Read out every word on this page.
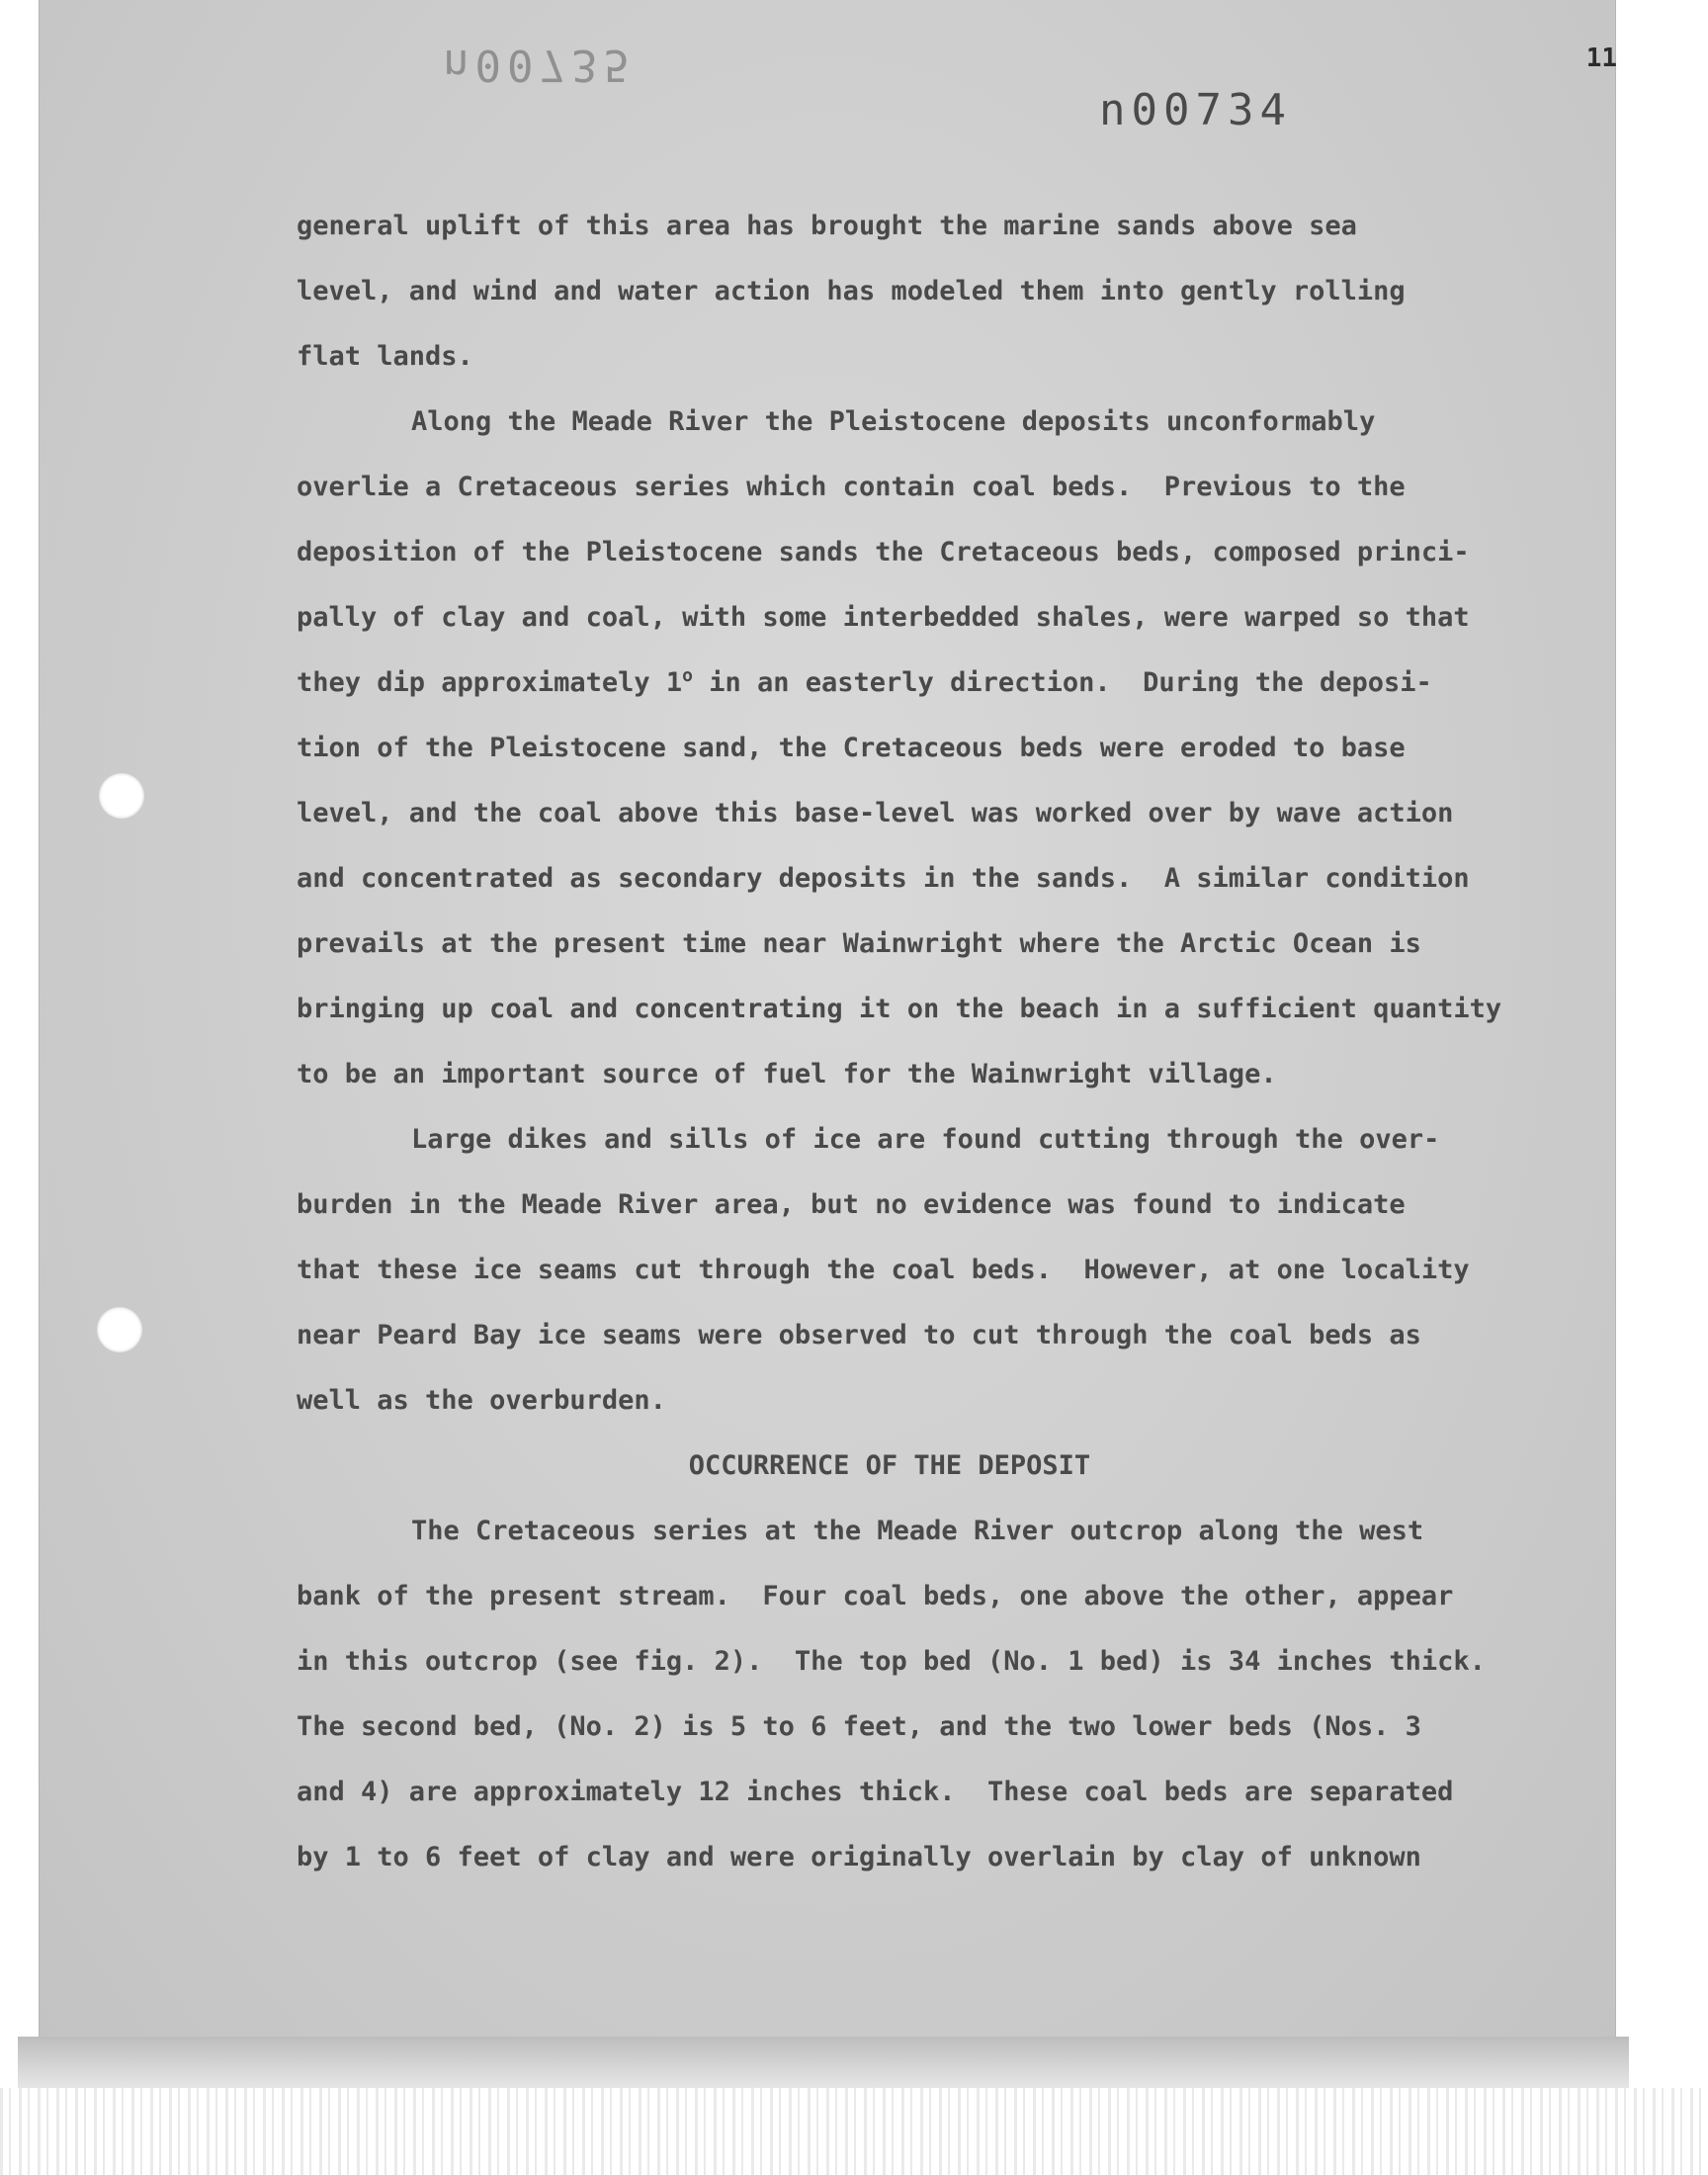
11
n00735
n00734
general uplift of this area has brought the marine sands above sea
level, and wind and water action has modeled them into gently rolling
flat lands.
Along the Meade River the Pleistocene deposits unconformably
overlie a Cretaceous series which contain coal beds.  Previous to the
deposition of the Pleistocene sands the Cretaceous beds, composed princi-
pally of clay and coal, with some interbedded shales, were warped so that
they dip approximately 1$^o$ in an easterly direction.  During the deposi-
tion of the Pleistocene sand, the Cretaceous beds were eroded to base
level, and the coal above this base-level was worked over by wave action
and concentrated as secondary deposits in the sands.  A similar condition
prevails at the present time near Wainwright where the Arctic Ocean is
bringing up coal and concentrating it on the beach in a sufficient quantity
to be an important source of fuel for the Wainwright village.
Large dikes and sills of ice are found cutting through the over-
burden in the Meade River area, but no evidence was found to indicate
that these ice seams cut through the coal beds.  However, at one locality
near Peard Bay ice seams were observed to cut through the coal beds as
well as the overburden.
OCCURRENCE OF THE DEPOSIT
The Cretaceous series at the Meade River outcrop along the west
bank of the present stream.  Four coal beds, one above the other, appear
in this outcrop (see fig. 2).  The top bed (No. 1 bed) is 34 inches thick.
The second bed, (No. 2) is 5 to 6 feet, and the two lower beds (Nos. 3
and 4) are approximately 12 inches thick.  These coal beds are separated
by 1 to 6 feet of clay and were originally overlain by clay of unknown
